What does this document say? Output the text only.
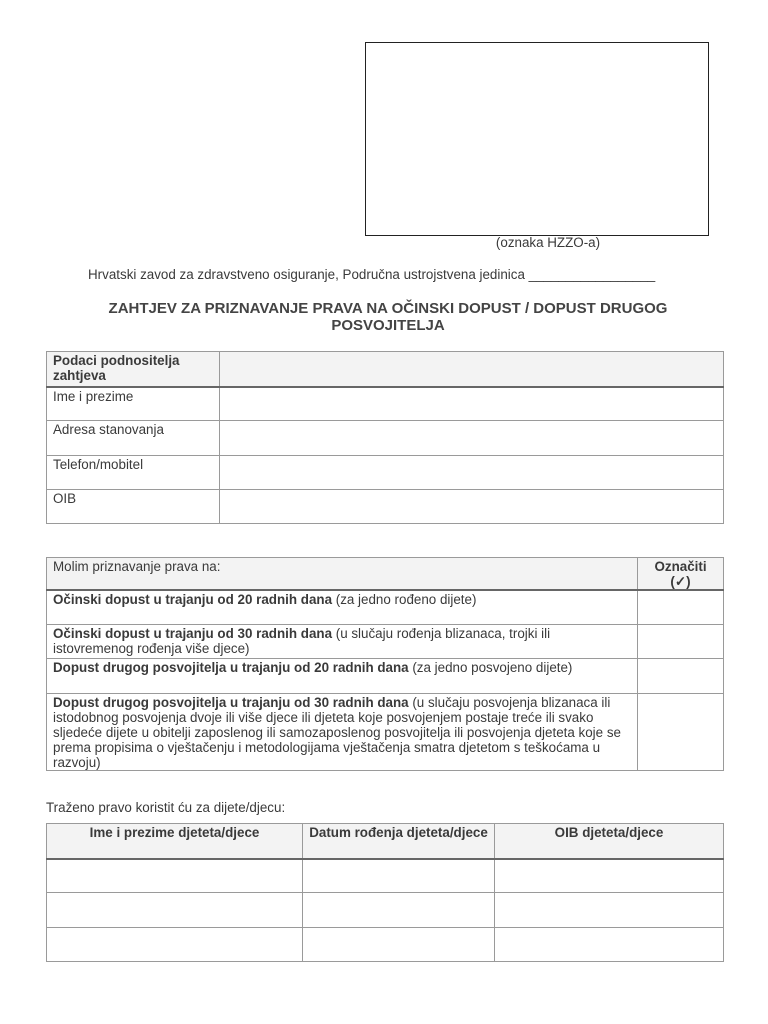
(oznaka HZZO-a)
Hrvatski zavod za zdravstveno osiguranje, Područna ustrojstvena jedinica _________________
ZAHTJEV ZA PRIZNAVANJE PRAVA NA OČINSKI DOPUST / DOPUST DRUGOG
POSVOJITELJA
Podaci podnositelja zahtjeva	
Ime i prezime	
Adresa stanovanja	
Telefon/mobitel	
OIB	
Molim priznavanje prava na:	Označiti (✓)
Očinski dopust u trajanju od 20 radnih dana (za jedno rođeno dijete)	
Očinski dopust u trajanju od 30 radnih dana (u slučaju rođenja blizanaca, trojki ili istovremenog rođenja više djece)	
Dopust drugog posvojitelja u trajanju od 20 radnih dana (za jedno posvojeno dijete)	
Dopust drugog posvojitelja u trajanju od 30 radnih dana (u slučaju posvojenja blizanaca ili istodobnog posvojenja dvoje ili više djece ili djeteta koje posvojenjem postaje treće ili svako sljedeće dijete u obitelji zaposlenog ili samozaposlenog posvojitelja ili posvojenja djeteta koje se prema propisima o vještačenju i metodologijama vještačenja smatra djetetom s teškoćama u razvoju)	
Traženo pravo koristit ću za dijete/djecu:
Ime i prezime djeteta/djece	Datum rođenja djeteta/djece	OIB djeteta/djece
